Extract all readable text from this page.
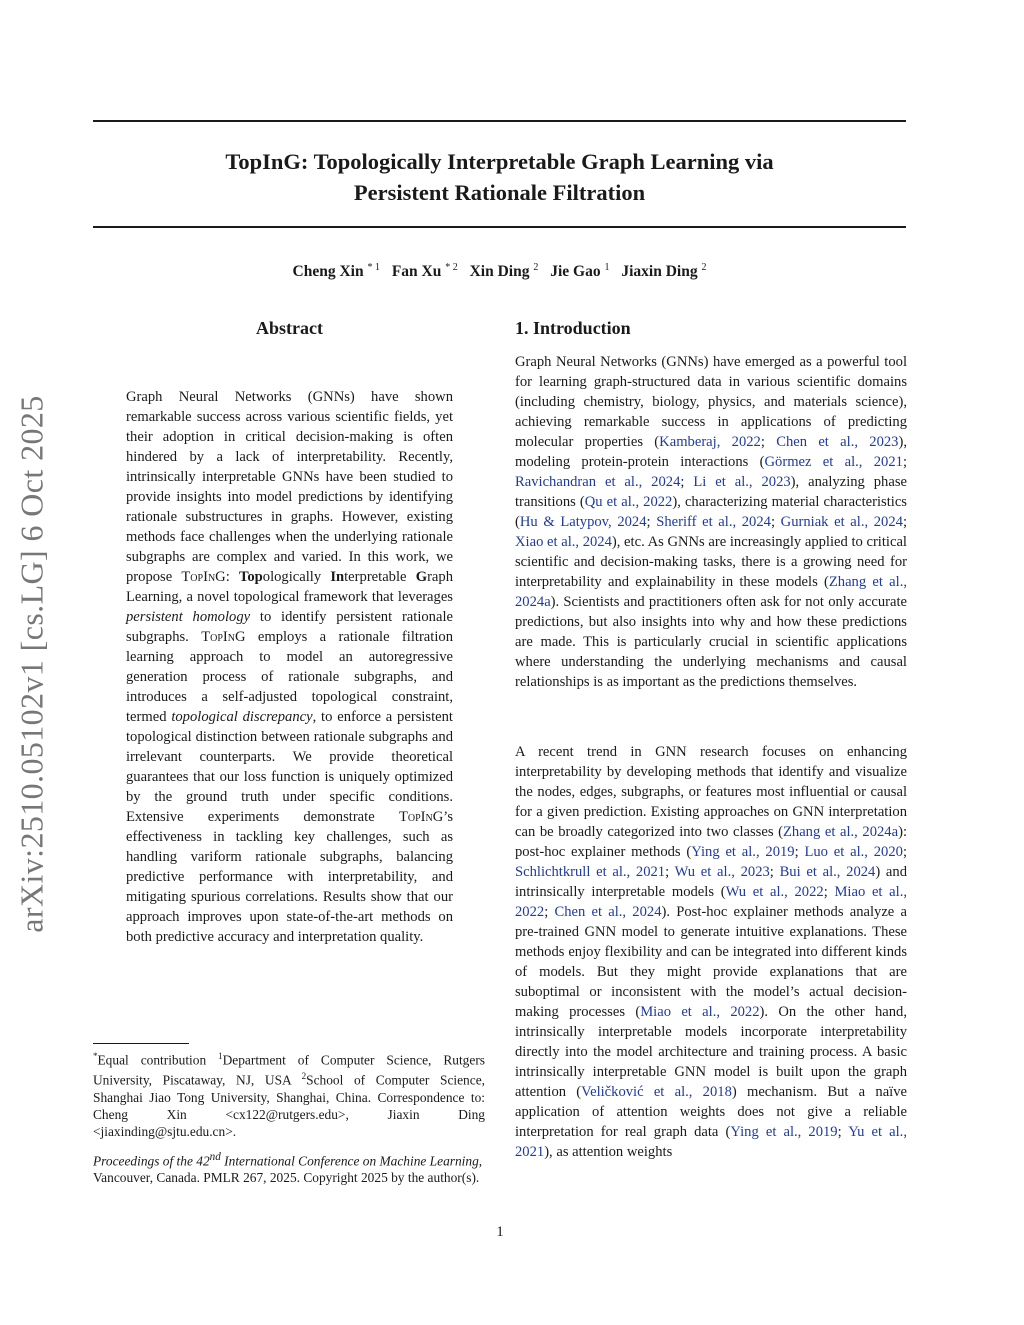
TopInG: Topologically Interpretable Graph Learning via
Persistent Rationale Filtration
Cheng Xin $^{* 1}$ Fan Xu $^{* 2}$ Xin Ding $^2$ Jie Gao $^1$ Jiaxin Ding $^2$
arXiv:2510.05102v1 [cs.LG] 6 Oct 2025
Abstract	1. Introduction
Graph Neural Networks (GNNs) have shown remarkable success across various scientific fields, yet their adoption in critical decision-making is often hindered by a lack of interpretability. Recently, intrinsically interpretable GNNs have been studied to provide insights into model predictions by identifying rationale substructures in graphs. However, existing methods face challenges when the underlying rationale subgraphs are complex and varied. In this work, we propose TopInG: Topologically Interpretable Graph Learning, a novel topological framework that leverages persistent homology to identify persistent rationale subgraphs. TopInG employs a rationale filtration learning approach to model an autoregressive generation process of rationale subgraphs, and introduces a self-adjusted topological constraint, termed topological discrepancy, to enforce a persistent topological distinction between rationale subgraphs and irrelevant counterparts. We provide theoretical guarantees that our loss function is uniquely optimized by the ground truth under specific conditions. Extensive experiments demonstrate TopInG’s effectiveness in tackling key challenges, such as handling variform rationale subgraphs, balancing predictive performance with interpretability, and mitigating spurious correlations. Results show that our approach improves upon state-of-the-art methods on both predictive accuracy and interpretation quality.
Graph Neural Networks (GNNs) have emerged as a powerful tool for learning graph-structured data in various scientific domains (including chemistry, biology, physics, and materials science), achieving remarkable success in applications of predicting molecular properties (Kamberaj, 2022; Chen et al., 2023), modeling protein-protein interactions (Görmez et al., 2021; Ravichandran et al., 2024; Li et al., 2023), analyzing phase transitions (Qu et al., 2022), characterizing material characteristics (Hu & Latypov, 2024; Sheriff et al., 2024; Gurniak et al., 2024; Xiao et al., 2024), etc. As GNNs are increasingly applied to critical scientific and decision-making tasks, there is a growing need for interpretability and explainability in these models (Zhang et al., 2024a). Scientists and practitioners often ask for not only accurate predictions, but also insights into why and how these predictions are made. This is particularly crucial in scientific applications where understanding the underlying mechanisms and causal relationships is as important as the predictions themselves.
A recent trend in GNN research focuses on enhancing interpretability by developing methods that identify and visualize the nodes, edges, subgraphs, or features most influential or causal for a given prediction. Existing approaches on GNN interpretation can be broadly categorized into two classes (Zhang et al., 2024a): post-hoc explainer methods (Ying et al., 2019; Luo et al., 2020; Schlichtkrull et al., 2021; Wu et al., 2023; Bui et al., 2024) and intrinsically interpretable models (Wu et al., 2022; Miao et al., 2022; Chen et al., 2024). Post-hoc explainer methods analyze a pre-trained GNN model to generate intuitive explanations. These methods enjoy flexibility and can be integrated into different kinds of models. But they might provide explanations that are suboptimal or inconsistent with the model’s actual decision-making processes (Miao et al., 2022). On the other hand, intrinsically interpretable models incorporate interpretability directly into the model architecture and training process. A basic intrinsically interpretable GNN model is built upon the graph attention (Veličković et al., 2018) mechanism. But a naïve application of attention weights does not give a reliable interpretation for real graph data (Ying et al., 2019; Yu et al., 2021), as attention weights
*Equal contribution $^1$Department of Computer Science, Rutgers University, Piscataway, NJ, USA $^2$School of Computer Science, Shanghai Jiao Tong University, Shanghai, China. Correspondence to: Cheng Xin <cx122@rutgers.edu>, Jiaxin Ding <jiaxinding@sjtu.edu.cn>.
Proceedings of the 42nd International Conference on Machine Learning, Vancouver, Canada. PMLR 267, 2025. Copyright 2025 by the author(s).
1
